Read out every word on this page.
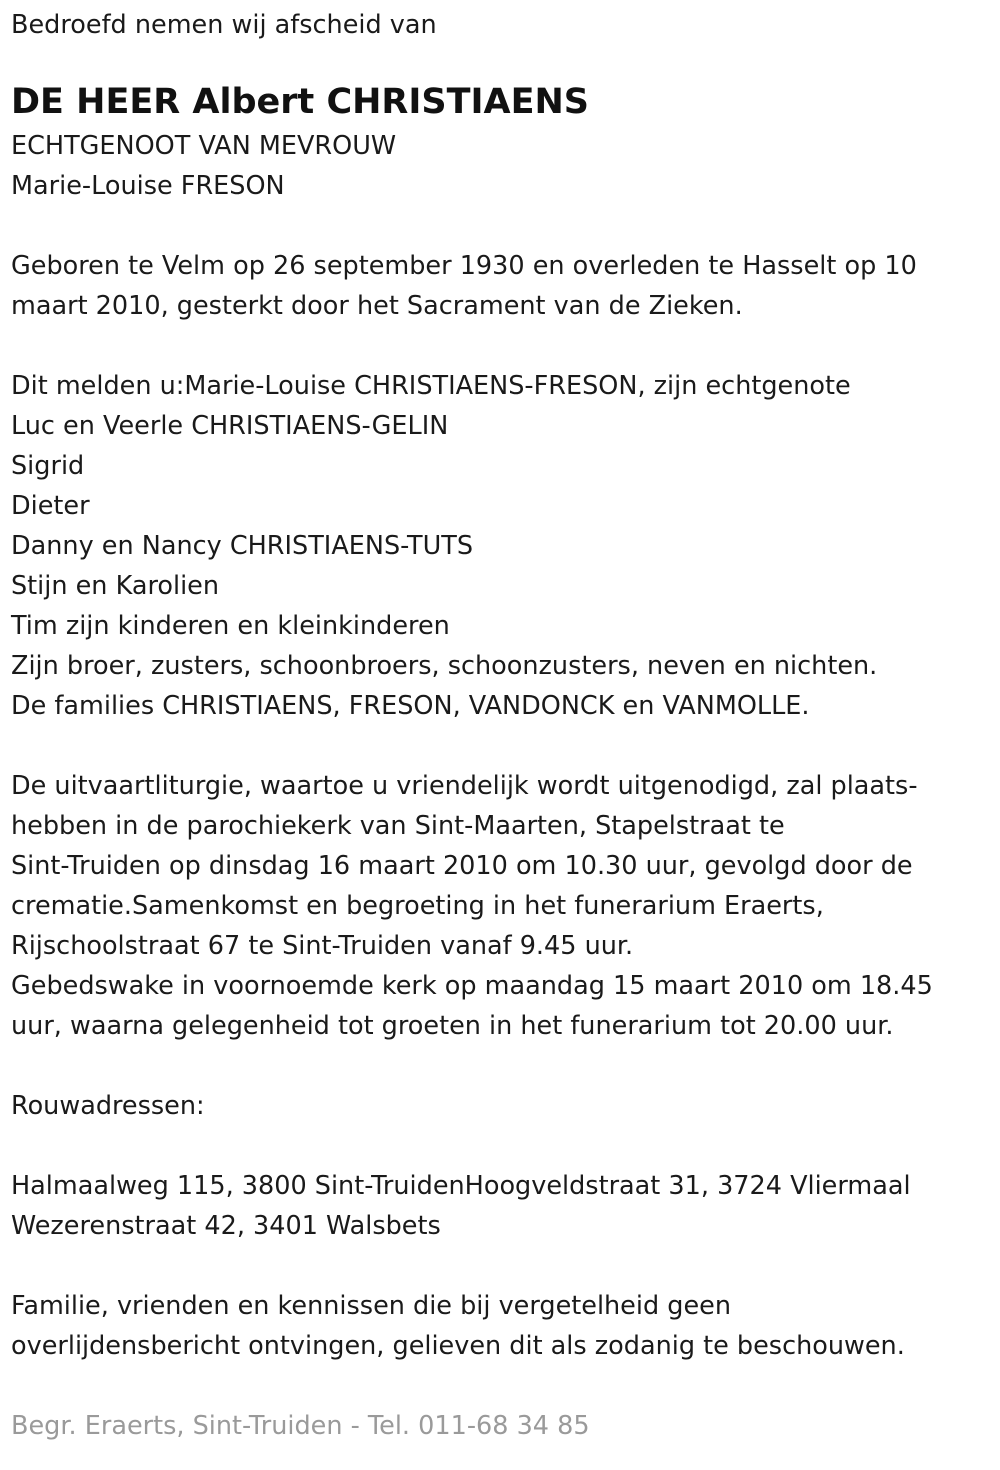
Bedroefd nemen wij afscheid van
DE HEER Albert CHRISTIAENS
ECHTGENOOT VAN MEVROUW
Marie-Louise FRESON
Geboren te Velm op 26 september 1930 en overleden te Hasselt op 10
maart 2010, gesterkt door het Sacrament van de Zieken.
Dit melden u:Marie-Louise CHRISTIAENS-FRESON, zijn echtgenote
Luc en Veerle CHRISTIAENS-GELIN
Sigrid
Dieter
Danny en Nancy CHRISTIAENS-TUTS
Stijn en Karolien
Tim zijn kinderen en kleinkinderen
Zijn broer, zusters, schoonbroers, schoonzusters, neven en nichten.
De families CHRISTIAENS, FRESON, VANDONCK en VANMOLLE.
De uitvaartliturgie, waartoe u vriendelijk wordt uitgenodigd, zal plaats-
hebben in de parochiekerk van Sint-Maarten, Stapelstraat te
Sint-Truiden op dinsdag 16 maart 2010 om 10.30 uur, gevolgd door de
crematie.Samenkomst en begroeting in het funerarium Eraerts,
Rijschoolstraat 67 te Sint-Truiden vanaf 9.45 uur.
Gebedswake in voornoemde kerk op maandag 15 maart 2010 om 18.45
uur, waarna gelegenheid tot groeten in het funerarium tot 20.00 uur.
Rouwadressen:
Halmaalweg 115, 3800 Sint-TruidenHoogveldstraat 31, 3724 Vliermaal
Wezerenstraat 42, 3401 Walsbets
Familie, vrienden en kennissen die bij vergetelheid geen
overlijdensbericht ontvingen, gelieven dit als zodanig te beschouwen.
Begr. Eraerts, Sint-Truiden - Tel. 011-68 34 85
